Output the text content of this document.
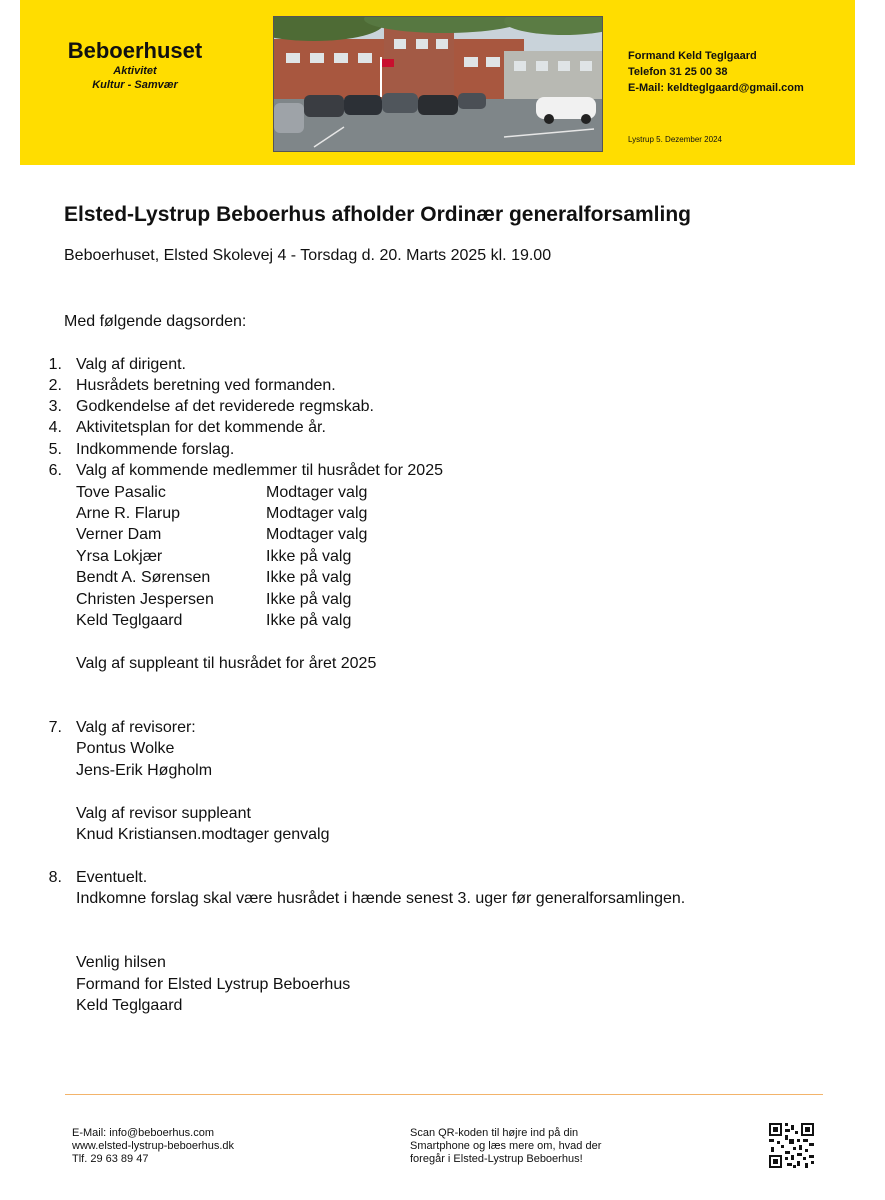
Beboerhuset
Aktivitet
Kultur - Samvær
Formand Keld Teglgaard
Telefon 31 25 00 38
E-Mail: keldteglgaard@gmail.com
Lystrup 5. Dezember 2024
Elsted-Lystrup Beboerhus afholder Ordinær generalforsamling
Beboerhuset, Elsted Skolevej 4 - Torsdag d. 20. Marts 2025 kl. 19.00
Med følgende dagsorden:
1. Valg af dirigent.
2. Husrådets beretning ved formanden.
3. Godkendelse af det reviderede regmskab.
4. Aktivitetsplan for det kommende år.
5. Indkommende forslag.
6. Valg af kommende medlemmer til husrådet for 2025
Tove Pasalic	Modtager valg
Arne R. Flarup	Modtager valg
Verner Dam	Modtager valg
Yrsa Lokjær	Ikke på valg
Bendt A. Sørensen	Ikke på valg
Christen Jespersen	Ikke på valg
Keld Teglgaard	Ikke på valg
Valg af suppleant til husrådet for året 2025
7. Valg af revisorer:
Pontus Wolke
Jens-Erik Høgholm
Valg af revisor suppleant
Knud Kristiansen.modtager genvalg
8. Eventuelt.
Indkomne forslag skal være husrådet i hænde senest 3. uger før generalforsamlingen.
Venlig hilsen
Formand for Elsted Lystrup Beboerhus
Keld Teglgaard
E-Mail: info@beboerhus.com
www.elsted-lystrup-beboerhus.dk
Tlf. 29 63 89 47
Scan QR-koden til højre ind på din
Smartphone og læs mere om, hvad der
foregår i Elsted-Lystrup Beboerhus!
